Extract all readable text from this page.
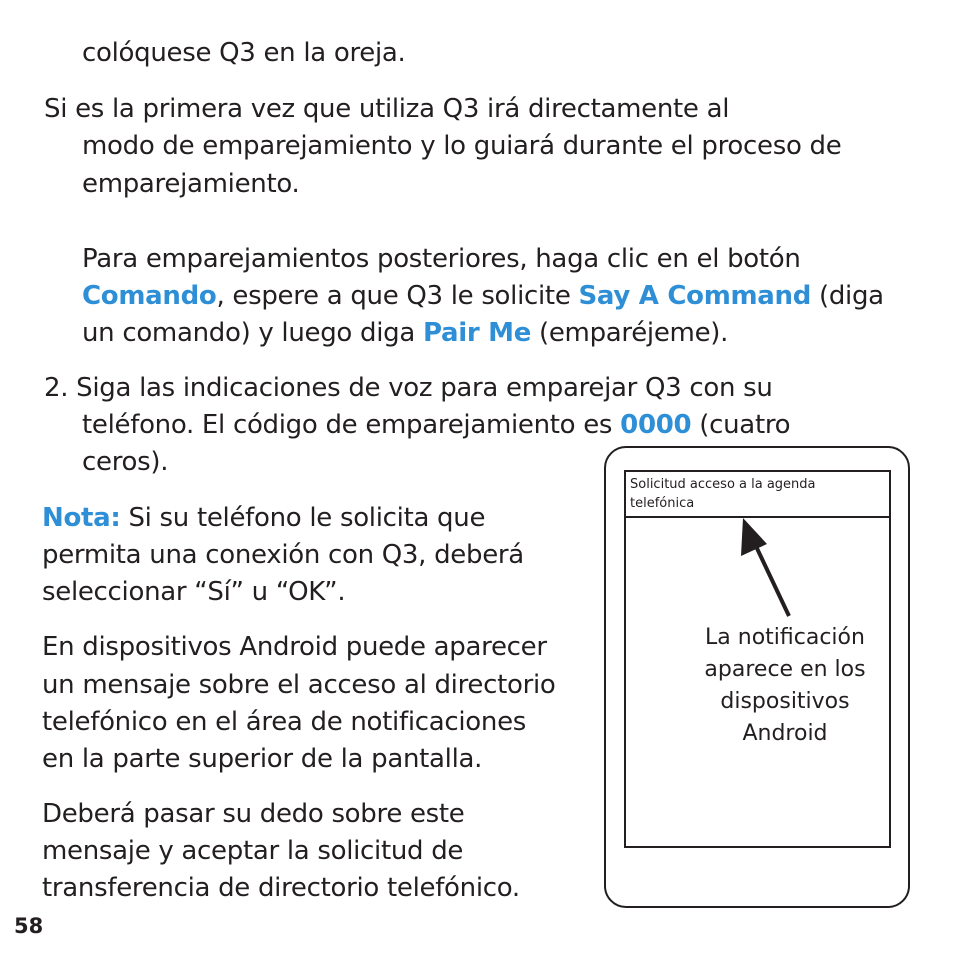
colóquese Q3 en la oreja.
Si es la primera vez que utiliza Q3 irá directamente al
modo de emparejamiento y lo guiará durante el proceso de
emparejamiento.
Para emparejamientos posteriores, haga clic en el botón
Comando, espere a que Q3 le solicite Say A Command (diga
un comando) y luego diga Pair Me (emparéjeme).
2. Siga las indicaciones de voz para emparejar Q3 con su
teléfono. El código de emparejamiento es 0000 (cuatro
ceros).
Nota: Si su teléfono le solicita que
permita una conexión con Q3, deberá
seleccionar “Sí” u “OK”.
En dispositivos Android puede aparecer
un mensaje sobre el acceso al directorio
telefónico en el área de notificaciones
en la parte superior de la pantalla.
Deberá pasar su dedo sobre este
mensaje y aceptar la solicitud de
transferencia de directorio telefónico.
58
Solicitud acceso a la agenda
telefónica
La notificación
aparece en los
dispositivos
Android
